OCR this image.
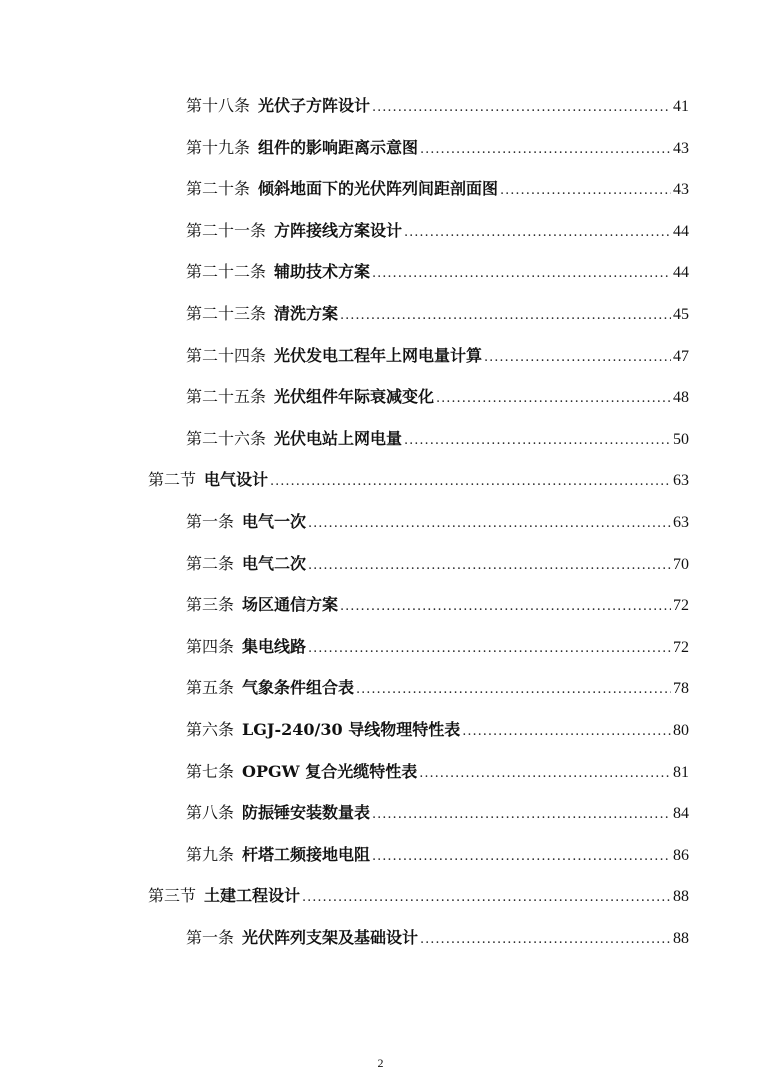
第十八条 光伏子方阵设计 .....	41
第十九条 组件的影响距离示意图 .....	43
第二十条 倾斜地面下的光伏阵列间距剖面图 .....	43
第二十一条 方阵接线方案设计 .....	44
第二十二条 辅助技术方案 .....	44
第二十三条 清洗方案 .....	45
第二十四条 光伏发电工程年上网电量计算 .....	47
第二十五条 光伏组件年际衰减变化 .....	48
第二十六条 光伏电站上网电量 .....	50
第二节 电气设计 .....	63
第一条 电气一次 .....	63
第二条 电气二次 .....	70
第三条 场区通信方案 .....	72
第四条 集电线路 .....	72
第五条 气象条件组合表 .....	78
第六条 LGJ-240/30 导线物理特性表 .....	80
第七条 OPGW 复合光缆特性表 .....	81
第八条 防振锤安装数量表 .....	84
第九条 杆塔工频接地电阻 .....	86
第三节 土建工程设计 .....	88
第一条 光伏阵列支架及基础设计 .....	88
2
